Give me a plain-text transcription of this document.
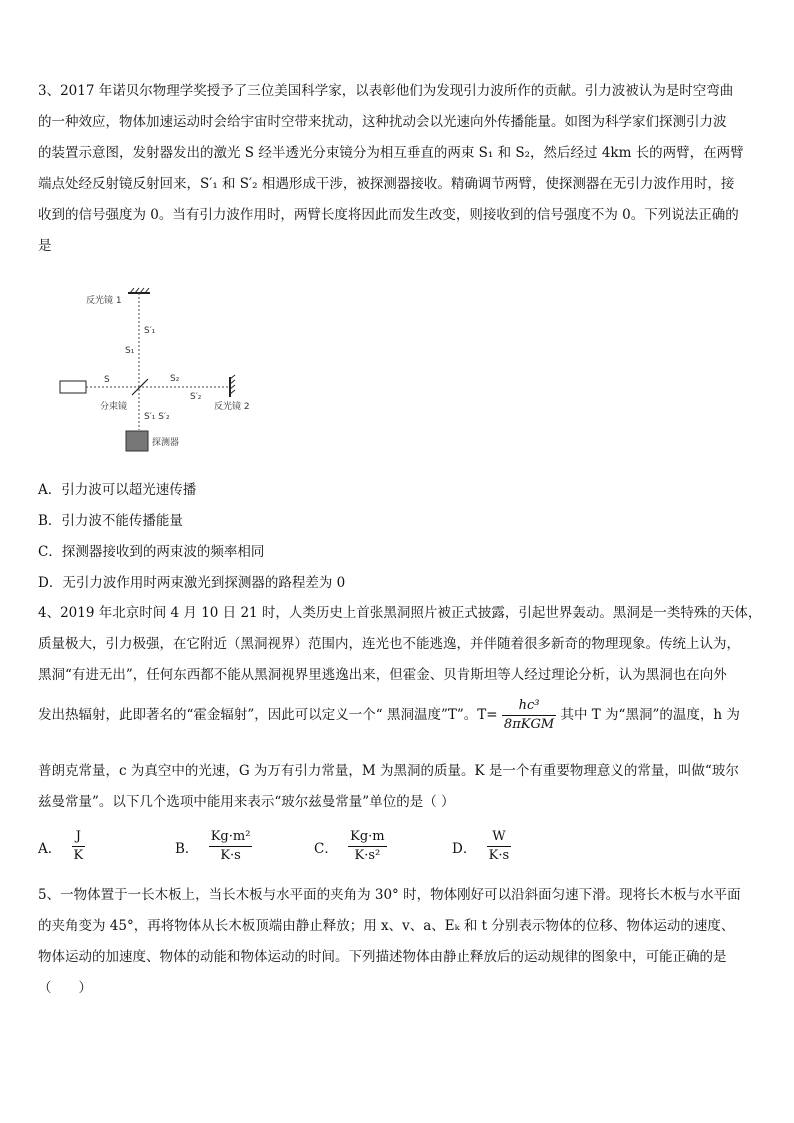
3、2017 年诺贝尔物理学奖授予了三位美国科学家，以表彰他们为发现引力波所作的贡献。引力波被认为是时空弯曲
的一种效应，物体加速运动时会给宇宙时空带来扰动，这种扰动会以光速向外传播能量。如图为科学家们探测引力波
的装置示意图，发射器发出的激光 S 经半透光分束镜分为相互垂直的两束 S₁ 和 S₂，然后经过 4km 长的两臂，在两臂
端点处经反射镜反射回来，S′₁ 和 S′₂ 相遇形成干涉，被探测器接收。精确调节两臂，使探测器在无引力波作用时，接
收到的信号强度为 0。当有引力波作用时，两臂长度将因此而发生改变，则接收到的信号强度不为 0。下列说法正确的
是
反光镜 1
S′₁
S₁
S	S₂
S′₂
分束镜	反光镜 2
S′₁ S′₂
探测器
A．引力波可以超光速传播
B．引力波不能传播能量
C．探测器接收到的两束波的频率相同
D．无引力波作用时两束激光到探测器的路程差为 0
4、2019 年北京时间 4 月 10 日 21 时，人类历史上首张黑洞照片被正式披露，引起世界轰动。黑洞是一类特殊的天体，
质量极大，引力极强，在它附近（黑洞视界）范围内，连光也不能逃逸，并伴随着很多新奇的物理现象。传统上认为，
黑洞“有进无出”，任何东西都不能从黑洞视界里逃逸出来，但霍金、贝肯斯坦等人经过理论分析，认为黑洞也在向外
发出热辐射，此即著名的“霍金辐射”，因此可以定义一个“ 黑洞温度”T”。$T= \frac{\text{hc³}}{\text{8πKGM}}$ 其中 T 为“黑洞”的温度，h 为
普朗克常量，c 为真空中的光速，G 为万有引力常量，M 为黑洞的质量。K 是一个有重要物理意义的常量，叫做“玻尔
兹曼常量”。以下几个选项中能用来表示“玻尔兹曼常量”单位的是（ ）
A． $\frac{J}{K}$	B． $\frac{\text{Kg·m²}}{K\cdot s}$	C． $\frac{Kg\cdot m}{\text{K·s²}}$	D． $\frac{W}{K\cdot s}$
5、一物体置于一长木板上，当长木板与水平面的夹角为 30° 时，物体刚好可以沿斜面匀速下滑。现将长木板与水平面
的夹角变为 45°，再将物体从长木板顶端由静止释放；用 x、v、a、Eₖ 和 t 分别表示物体的位移、物体运动的速度、
物体运动的加速度、物体的动能和物体运动的时间。下列描述物体由静止释放后的运动规律的图象中，可能正确的是
（　　）
